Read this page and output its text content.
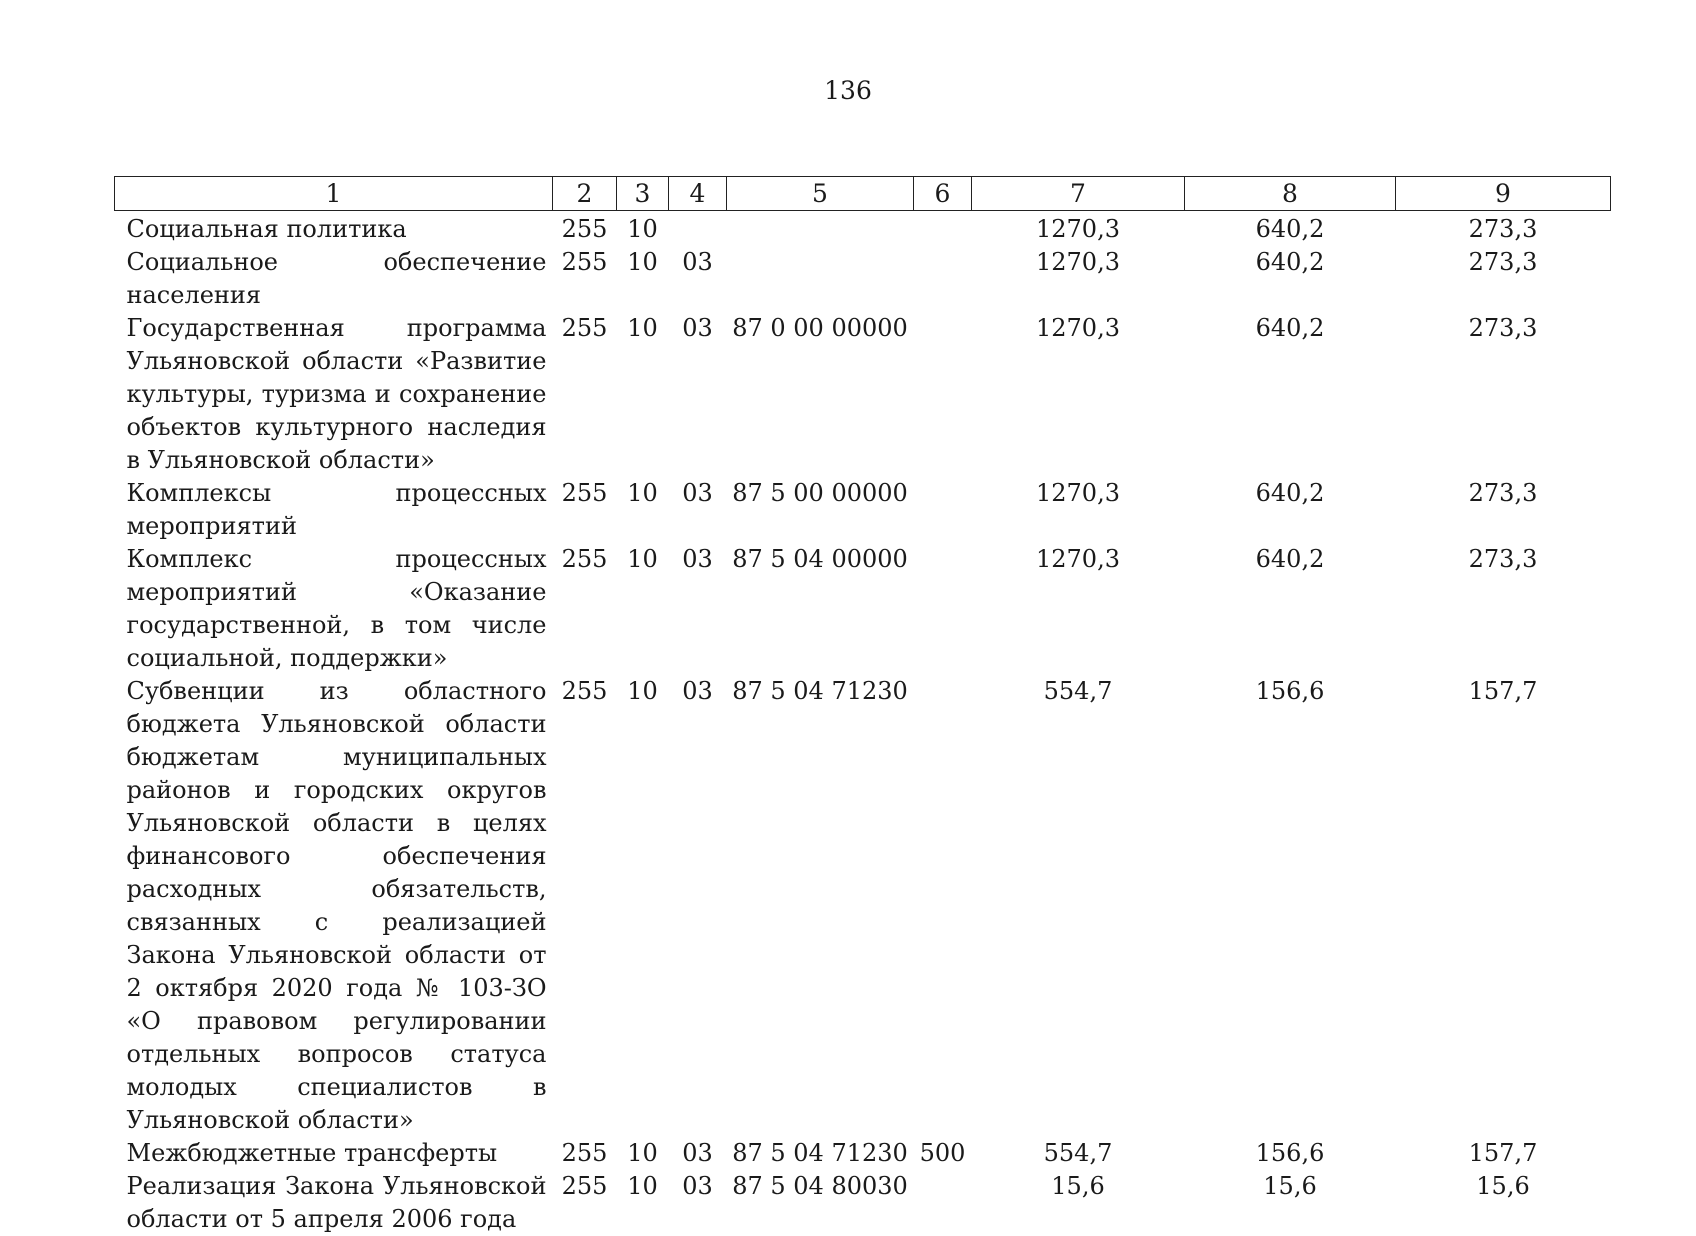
136
1	2	3	4	5	6	7	8	9
Социальная политика	255	10				1270,3	640,2	273,3
Социальное обеспечение населения	255	10	03			1270,3	640,2	273,3
Государственная программа Ульяновской области «Развитие культуры, туризма и сохранение объектов культурного наследия в Ульяновской области»	255	10	03	87 0 00 00000		1270,3	640,2	273,3
Комплексы процессных мероприятий	255	10	03	87 5 00 00000		1270,3	640,2	273,3
Комплекс процессных мероприятий «Оказание государственной, в том числе социальной, поддержки»	255	10	03	87 5 04 00000		1270,3	640,2	273,3
Субвенции из областного бюджета Ульяновской области бюджетам муниципальных районов и городских округов Ульяновской области в целях финансового обеспечения расходных обязательств, связанных с реализацией Закона Ульяновской области от 2 октября 2020 года № 103-ЗО «О правовом регулировании отдельных вопросов статуса молодых специалистов в Ульяновской области»	255	10	03	87 5 04 71230		554,7	156,6	157,7
Межбюджетные трансферты	255	10	03	87 5 04 71230	500	554,7	156,6	157,7
Реализация Закона Ульяновской области от 5 апреля 2006 года	255	10	03	87 5 04 80030		15,6	15,6	15,6
